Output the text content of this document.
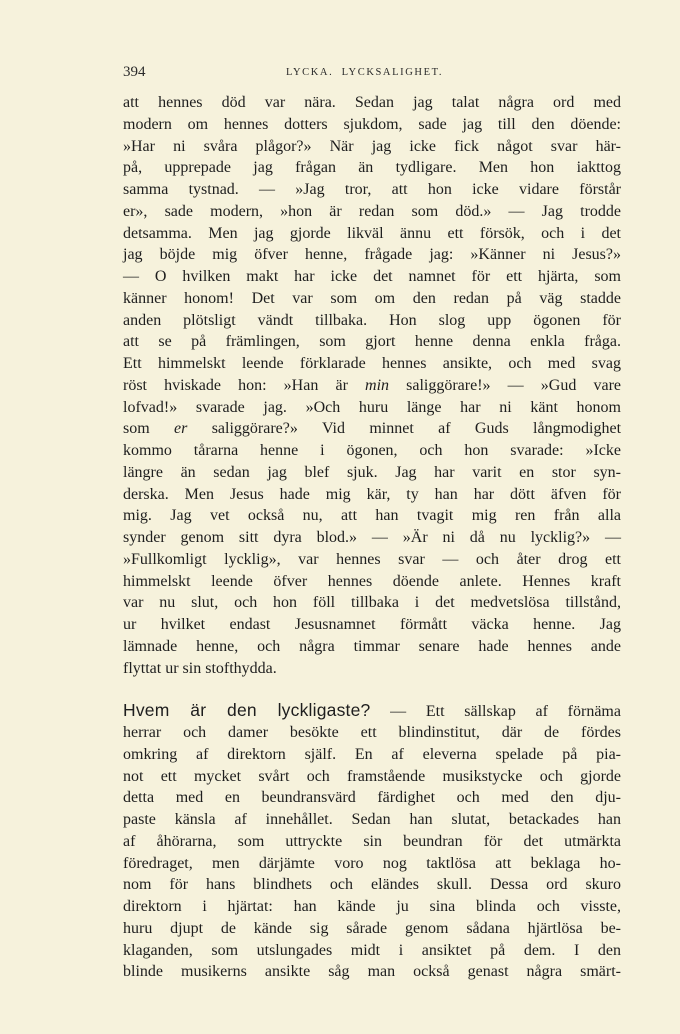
394	LYCKA. LYCKSALIGHET.
att hennes död var nära. Sedan jag talat några ord med
modern om hennes dotters sjukdom, sade jag till den döende:
»Har ni svåra plågor?» När jag icke fick något svar här-
på, upprepade jag frågan än tydligare. Men hon iakttog
samma tystnad. — »Jag tror, att hon icke vidare förstår
er», sade modern, »hon är redan som död.» — Jag trodde
detsamma. Men jag gjorde likväl ännu ett försök, och i det
jag böjde mig öfver henne, frågade jag: »Känner ni Jesus?»
— O hvilken makt har icke det namnet för ett hjärta, som
känner honom! Det var som om den redan på väg stadde
anden plötsligt vändt tillbaka. Hon slog upp ögonen för
att se på främlingen, som gjort henne denna enkla fråga.
Ett himmelskt leende förklarade hennes ansikte, och med svag
röst hviskade hon: »Han är min saliggörare!» — »Gud vare
lofvad!» svarade jag. »Och huru länge har ni känt honom
som er saliggörare?» Vid minnet af Guds långmodighet
kommo tårarna henne i ögonen, och hon svarade: »Icke
längre än sedan jag blef sjuk. Jag har varit en stor syn-
derska. Men Jesus hade mig kär, ty han har dött äfven för
mig. Jag vet också nu, att han tvagit mig ren från alla
synder genom sitt dyra blod.» — »Är ni då nu lycklig?» —
»Fullkomligt lycklig», var hennes svar — och åter drog ett
himmelskt leende öfver hennes döende anlete. Hennes kraft
var nu slut, och hon föll tillbaka i det medvetslösa tillstånd,
ur hvilket endast Jesusnamnet förmått väcka henne. Jag
lämnade henne, och några timmar senare hade hennes ande
flyttat ur sin stofthydda.
Hvem är den lyckligaste? — Ett sällskap af förnäma
herrar och damer besökte ett blindinstitut, där de fördes
omkring af direktorn själf. En af eleverna spelade på pia-
not ett mycket svårt och framstående musikstycke och gjorde
detta med en beundransvärd färdighet och med den dju-
paste känsla af innehållet. Sedan han slutat, betackades han
af åhörarna, som uttryckte sin beundran för det utmärkta
föredraget, men därjämte voro nog taktlösa att beklaga ho-
nom för hans blindhets och eländes skull. Dessa ord skuro
direktorn i hjärtat: han kände ju sina blinda och visste,
huru djupt de kände sig sårade genom sådana hjärtlösa be-
klaganden, som utslungades midt i ansiktet på dem. I den
blinde musikerns ansikte såg man också genast några smärt-
